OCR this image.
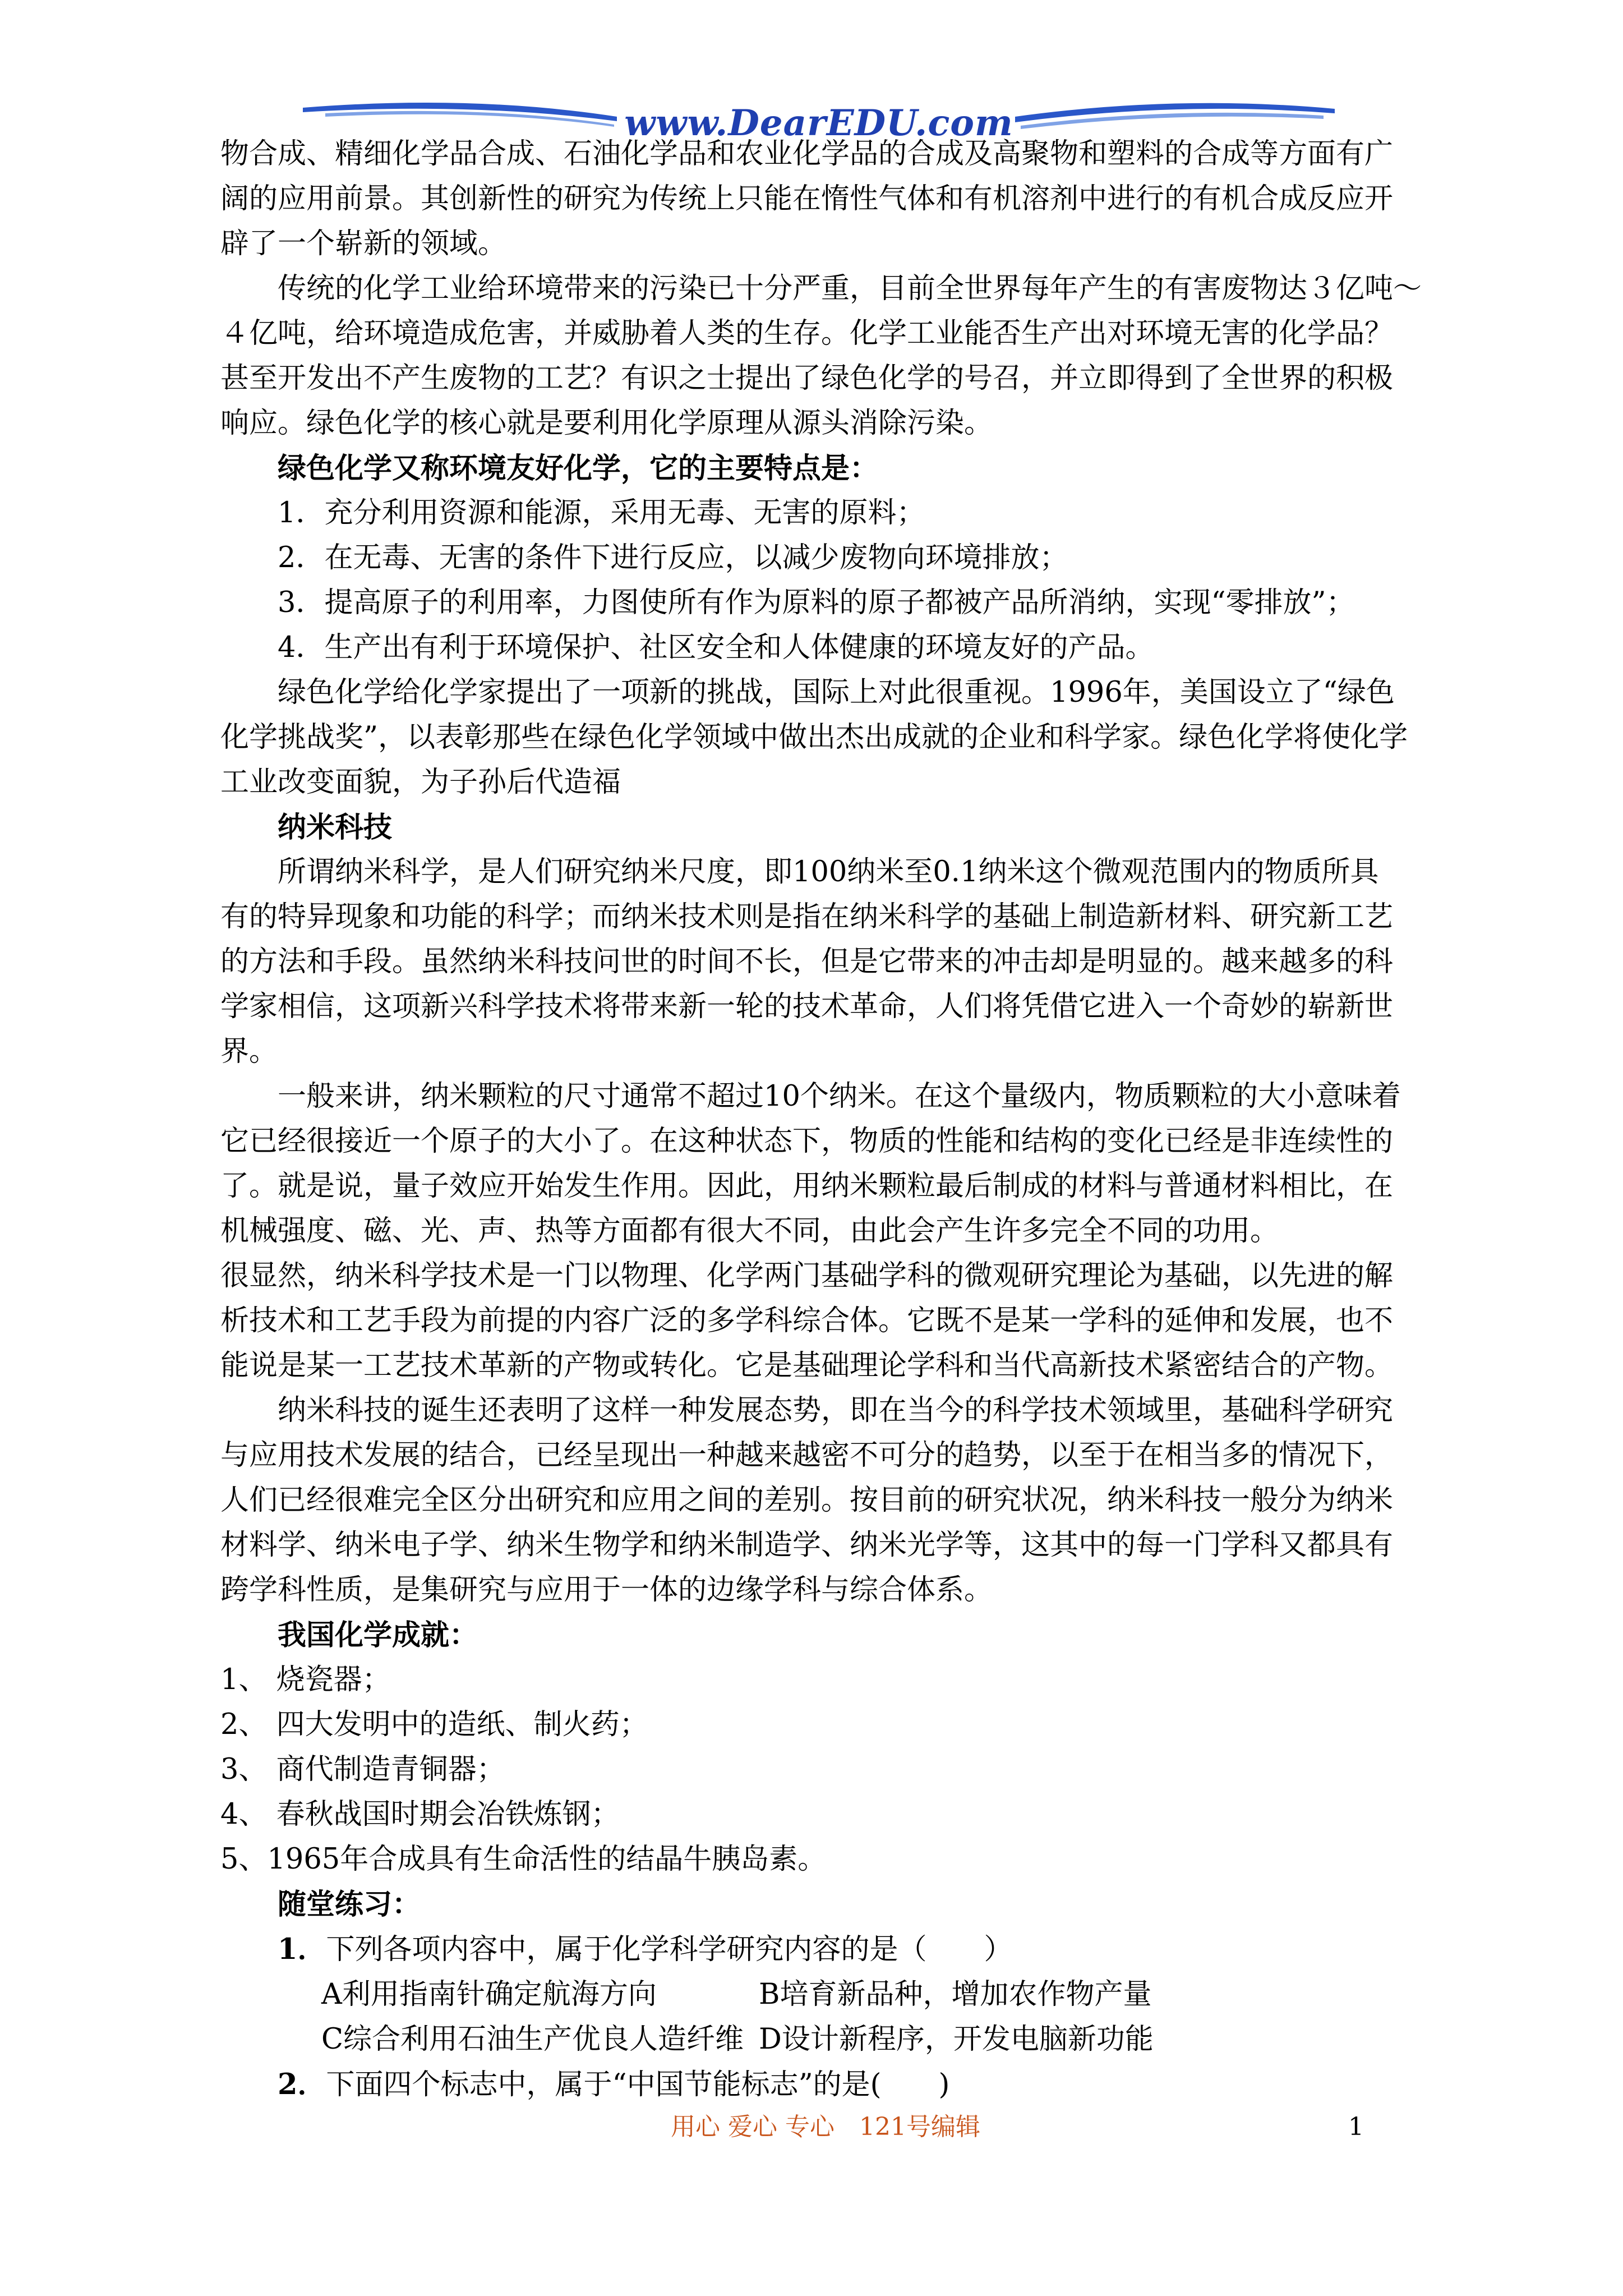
www.DearEDU.com
物合成、精细化学品合成、石油化学品和农业化学品的合成及高聚物和塑料的合成等方面有广
阔的应用前景。其创新性的研究为传统上只能在惰性气体和有机溶剂中进行的有机合成反应开
辟了一个崭新的领域。
传统的化学工业给环境带来的污染已十分严重，目前全世界每年产生的有害废物达３亿吨～
４亿吨，给环境造成危害，并威胁着人类的生存。化学工业能否生产出对环境无害的化学品？
甚至开发出不产生废物的工艺？有识之士提出了绿色化学的号召，并立即得到了全世界的积极
响应。绿色化学的核心就是要利用化学原理从源头消除污染。
绿色化学又称环境友好化学，它的主要特点是：
1．充分利用资源和能源，采用无毒、无害的原料；
2．在无毒、无害的条件下进行反应，以减少废物向环境排放；
3．提高原子的利用率，力图使所有作为原料的原子都被产品所消纳，实现“零排放”；
4．生产出有利于环境保护、社区安全和人体健康的环境友好的产品。
绿色化学给化学家提出了一项新的挑战，国际上对此很重视。1996年，美国设立了“绿色
化学挑战奖”，以表彰那些在绿色化学领域中做出杰出成就的企业和科学家。绿色化学将使化学
工业改变面貌，为子孙后代造福
纳米科技
所谓纳米科学，是人们研究纳米尺度，即100纳米至0.1纳米这个微观范围内的物质所具
有的特异现象和功能的科学；而纳米技术则是指在纳米科学的基础上制造新材料、研究新工艺
的方法和手段。虽然纳米科技问世的时间不长，但是它带来的冲击却是明显的。越来越多的科
学家相信，这项新兴科学技术将带来新一轮的技术革命，人们将凭借它进入一个奇妙的崭新世
界。
一般来讲，纳米颗粒的尺寸通常不超过10个纳米。在这个量级内，物质颗粒的大小意味着
它已经很接近一个原子的大小了。在这种状态下，物质的性能和结构的变化已经是非连续性的
了。就是说，量子效应开始发生作用。因此，用纳米颗粒最后制成的材料与普通材料相比，在
机械强度、磁、光、声、热等方面都有很大不同，由此会产生许多完全不同的功用。
很显然，纳米科学技术是一门以物理、化学两门基础学科的微观研究理论为基础，以先进的解
析技术和工艺手段为前提的内容广泛的多学科综合体。它既不是某一学科的延伸和发展，也不
能说是某一工艺技术革新的产物或转化。它是基础理论学科和当代高新技术紧密结合的产物。
纳米科技的诞生还表明了这样一种发展态势，即在当今的科学技术领域里，基础科学研究
与应用技术发展的结合，已经呈现出一种越来越密不可分的趋势，以至于在相当多的情况下，
人们已经很难完全区分出研究和应用之间的差别。按目前的研究状况，纳米科技一般分为纳米
材料学、纳米电子学、纳米生物学和纳米制造学、纳米光学等，这其中的每一门学科又都具有
跨学科性质，是集研究与应用于一体的边缘学科与综合体系。
我国化学成就：
1、 烧瓷器；
2、 四大发明中的造纸、制火药；
3、 商代制造青铜器；
4、 春秋战国时期会冶铁炼钢；
5、1965年合成具有生命活性的结晶牛胰岛素。
随堂练习：
1．下列各项内容中，属于化学科学研究内容的是（　　）
A利用指南针确定航海方向	B培育新品种，增加农作物产量
C综合利用石油生产优良人造纤维 D设计新程序，开发电脑新功能
2．下面四个标志中，属于“中国节能标志”的是(　　)
用心 爱心 专心　121号编辑	1
